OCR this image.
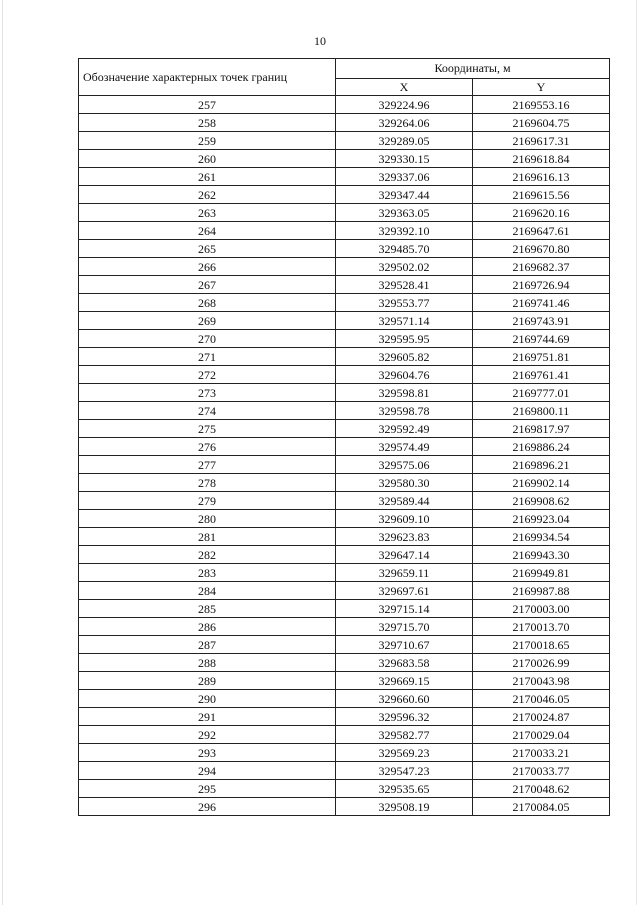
10
Обозначение характерных точек границ	Координаты, м	
	X	Y
257	329224.96	2169553.16
258	329264.06	2169604.75
259	329289.05	2169617.31
260	329330.15	2169618.84
261	329337.06	2169616.13
262	329347.44	2169615.56
263	329363.05	2169620.16
264	329392.10	2169647.61
265	329485.70	2169670.80
266	329502.02	2169682.37
267	329528.41	2169726.94
268	329553.77	2169741.46
269	329571.14	2169743.91
270	329595.95	2169744.69
271	329605.82	2169751.81
272	329604.76	2169761.41
273	329598.81	2169777.01
274	329598.78	2169800.11
275	329592.49	2169817.97
276	329574.49	2169886.24
277	329575.06	2169896.21
278	329580.30	2169902.14
279	329589.44	2169908.62
280	329609.10	2169923.04
281	329623.83	2169934.54
282	329647.14	2169943.30
283	329659.11	2169949.81
284	329697.61	2169987.88
285	329715.14	2170003.00
286	329715.70	2170013.70
287	329710.67	2170018.65
288	329683.58	2170026.99
289	329669.15	2170043.98
290	329660.60	2170046.05
291	329596.32	2170024.87
292	329582.77	2170029.04
293	329569.23	2170033.21
294	329547.23	2170033.77
295	329535.65	2170048.62
296	329508.19	2170084.05
